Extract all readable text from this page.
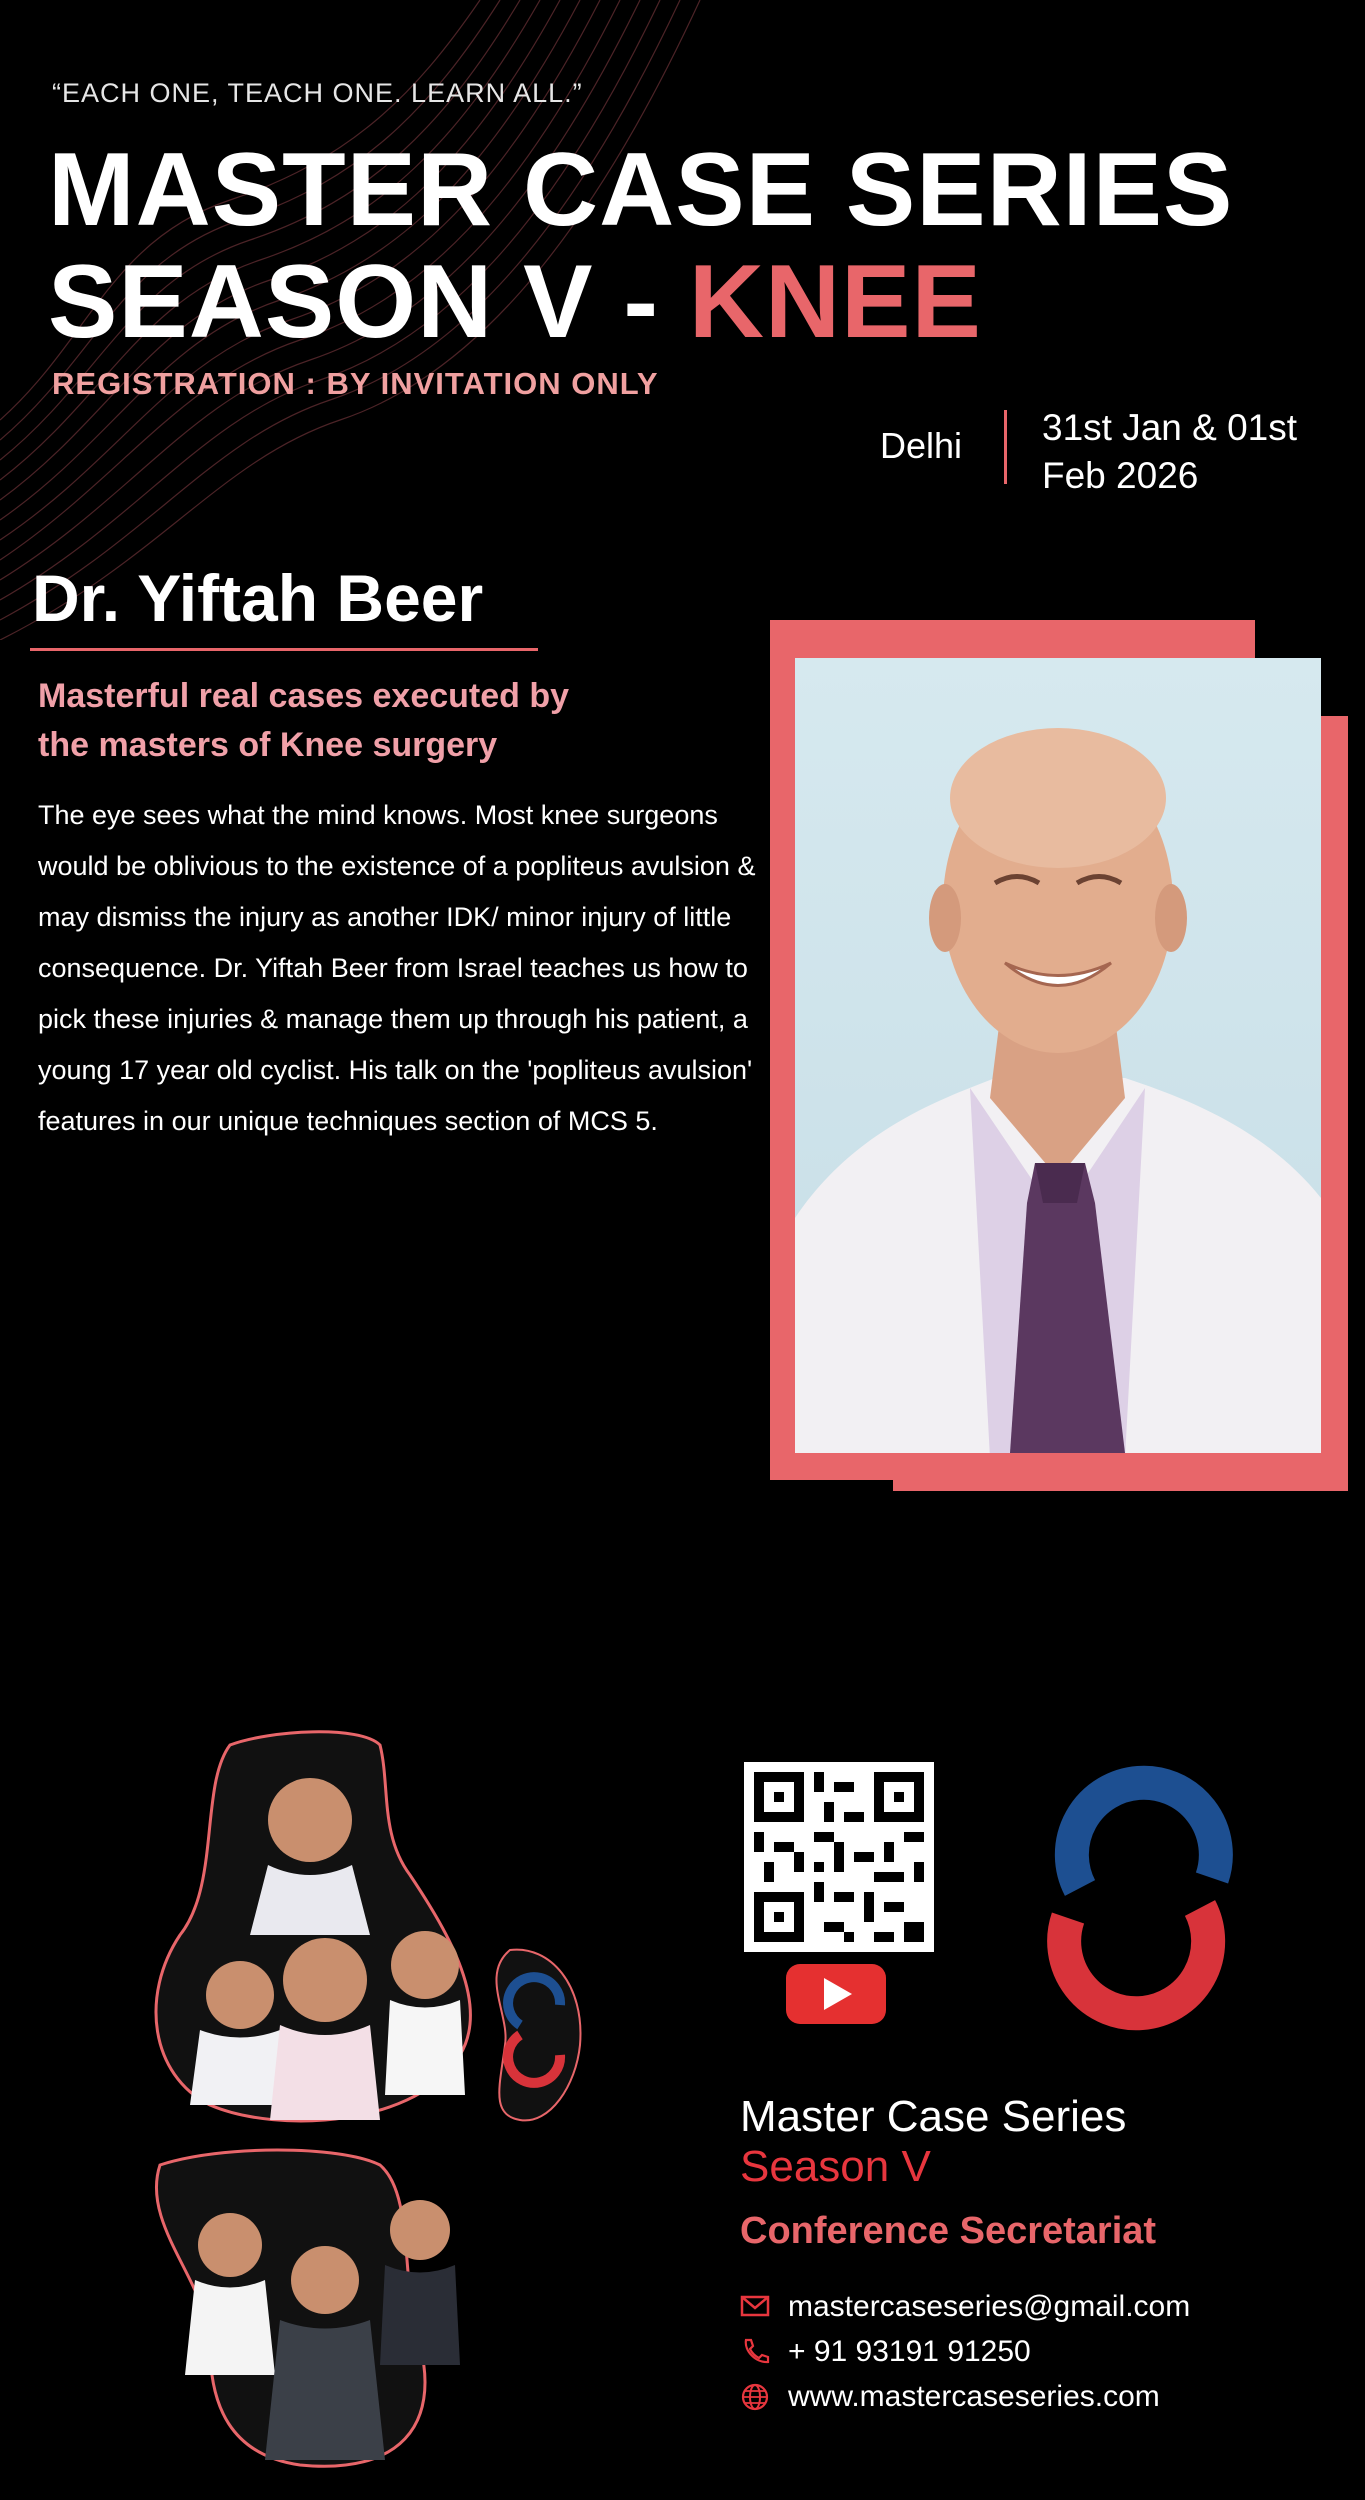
“EACH ONE, TEACH ONE. LEARN ALL.”
MASTER CASE SERIES
SEASON V - KNEE
REGISTRATION : BY INVITATION ONLY
Delhi 31st Jan & 01st
Feb 2026
Dr. Yiftah Beer
Masterful real cases executed by
the masters of Knee surgery
The eye sees what the mind knows. Most knee surgeons would be oblivious to the existence of a popliteus avulsion & may dismiss the injury as another IDK/ minor injury of little consequence. Dr. Yiftah Beer from Israel teaches us how to pick these injuries & manage them up through his patient, a young 17 year old cyclist. His talk on the 'popliteus avulsion' features in our unique techniques section of MCS 5.
Master Case Series
Season V
Conference Secretariat
mastercaseseries@gmail.com
+ 91 93191 91250
www.mastercaseseries.com
